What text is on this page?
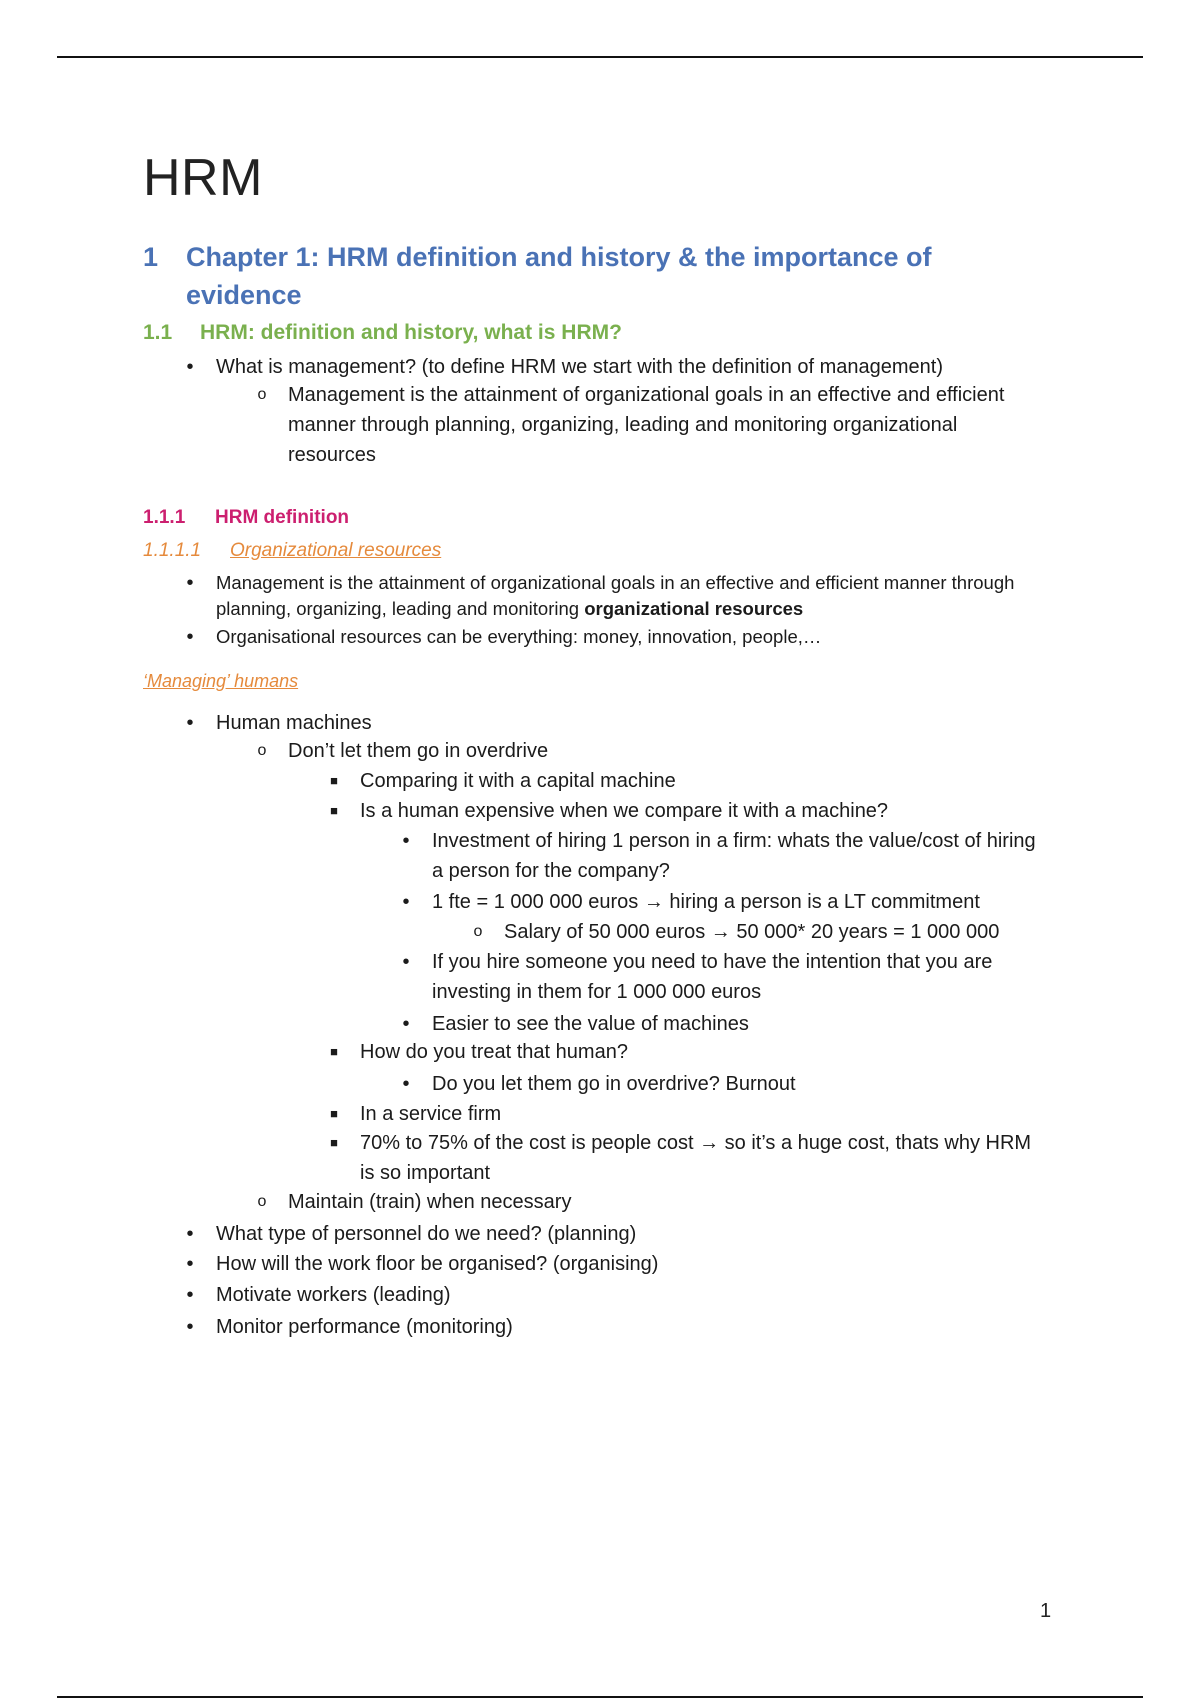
HRM
1	Chapter 1: HRM definition and history & the importance of evidence
1.1	HRM: definition and history, what is HRM?
•	What is management? (to define HRM we start with the definition of management)
o Management is the attainment of organizational goals in an effective and efficient manner through planning, organizing, leading and monitoring organizational resources
1.1.1	HRM definition
1.1.1.1	Organizational resources
•	Management is the attainment of organizational goals in an effective and efficient manner through planning, organizing, leading and monitoring organizational resources
•	Organisational resources can be everything: money, innovation, people,…
‘Managing’ humans
•	Human machines
o Don’t let them go in overdrive
■	Comparing it with a capital machine
■	Is a human expensive when we compare it with a machine?
•	Investment of hiring 1 person in a firm: whats the value/cost of hiring a person for the company?
•	1 fte = 1 000 000 euros → hiring a person is a LT commitment
o Salary of 50 000 euros → 50 000* 20 years = 1 000 000
•	If you hire someone you need to have the intention that you are investing in them for 1 000 000 euros
•	Easier to see the value of machines
■	How do you treat that human?
•	Do you let them go in overdrive? Burnout
■	In a service firm
■	70% to 75% of the cost is people cost → so it’s a huge cost, thats why HRM is so important
o Maintain (train) when necessary
•	What type of personnel do we need? (planning)
•	How will the work floor be organised? (organising)
•	Motivate workers (leading)
•	Monitor performance (monitoring)
1
